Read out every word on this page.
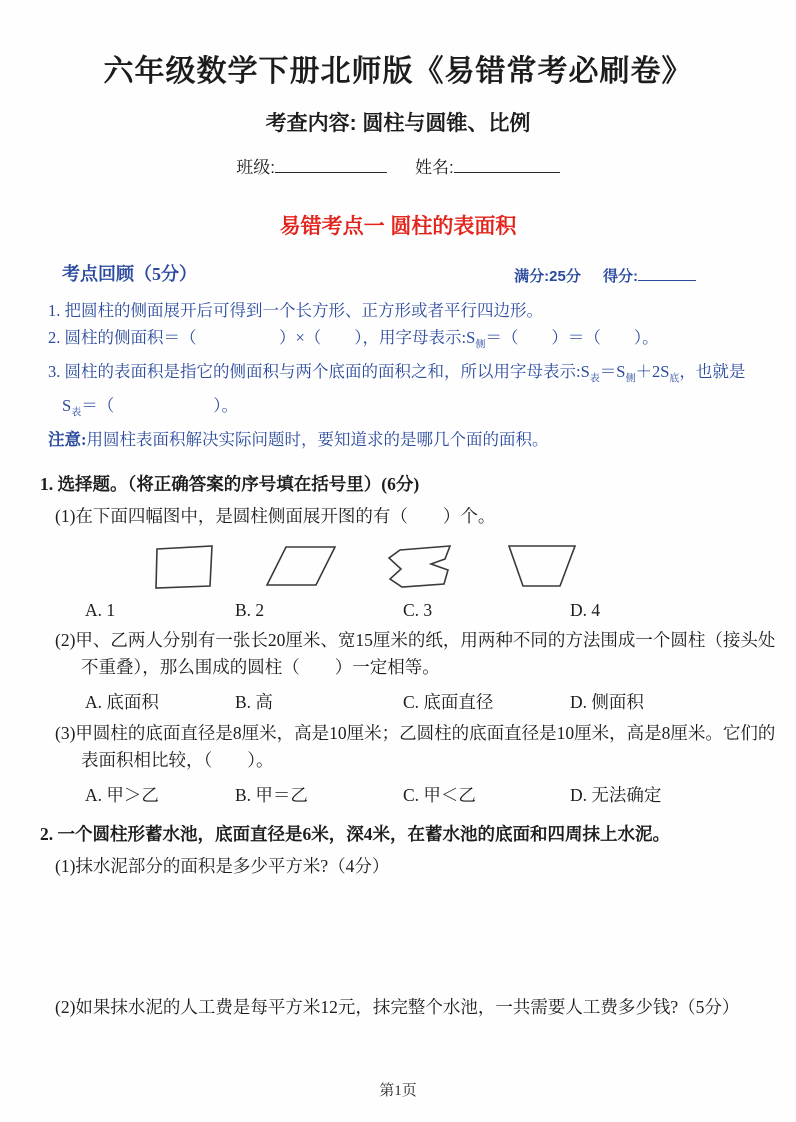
六年级数学下册北师版《易错常考必刷卷》
考查内容: 圆柱与圆锥、比例
班级:	姓名:
易错考点一 圆柱的表面积
考点回顾（5分）	满分:25分 得分:
1. 把圆柱的侧面展开后可得到一个长方形、正方形或者平行四边形。
2. 圆柱的侧面积＝（　　　　　）×（　　），用字母表示$:S_侧=$（　　）＝（　　）。
3. 圆柱的表面积是指它的侧面积与两个底面的面积之和，所以用字母表示$:S_表=S_侧+2S_底$，也就是$S_表=$（　　　　　　）。
注意:用圆柱表面积解决实际问题时，要知道求的是哪几个面的面积。
1. 选择题。（将正确答案的序号填在括号里）(6分)
(1)在下面四幅图中，是圆柱侧面展开图的有（　　）个。
A. 1	B. 2	C. 3	D. 4
(2)甲、乙两人分别有一张长20厘米、宽15厘米的纸，用两种不同的方法围成一个圆柱（接头处不重叠），那么围成的圆柱（　　）一定相等。
A. 底面积	B. 高	C. 底面直径	D. 侧面积
(3)甲圆柱的底面直径是8厘米，高是10厘米；乙圆柱的底面直径是10厘米，高是8厘米。它们的表面积相比较，（　　）。
A. 甲＞乙	B. 甲＝乙	C. 甲＜乙	D. 无法确定
2. 一个圆柱形蓄水池，底面直径是6米，深4米，在蓄水池的底面和四周抹上水泥。
(1)抹水泥部分的面积是多少平方米?（4分）
(2)如果抹水泥的人工费是每平方米12元，抹完整个水池，一共需要人工费多少钱?（5分）
第1页
